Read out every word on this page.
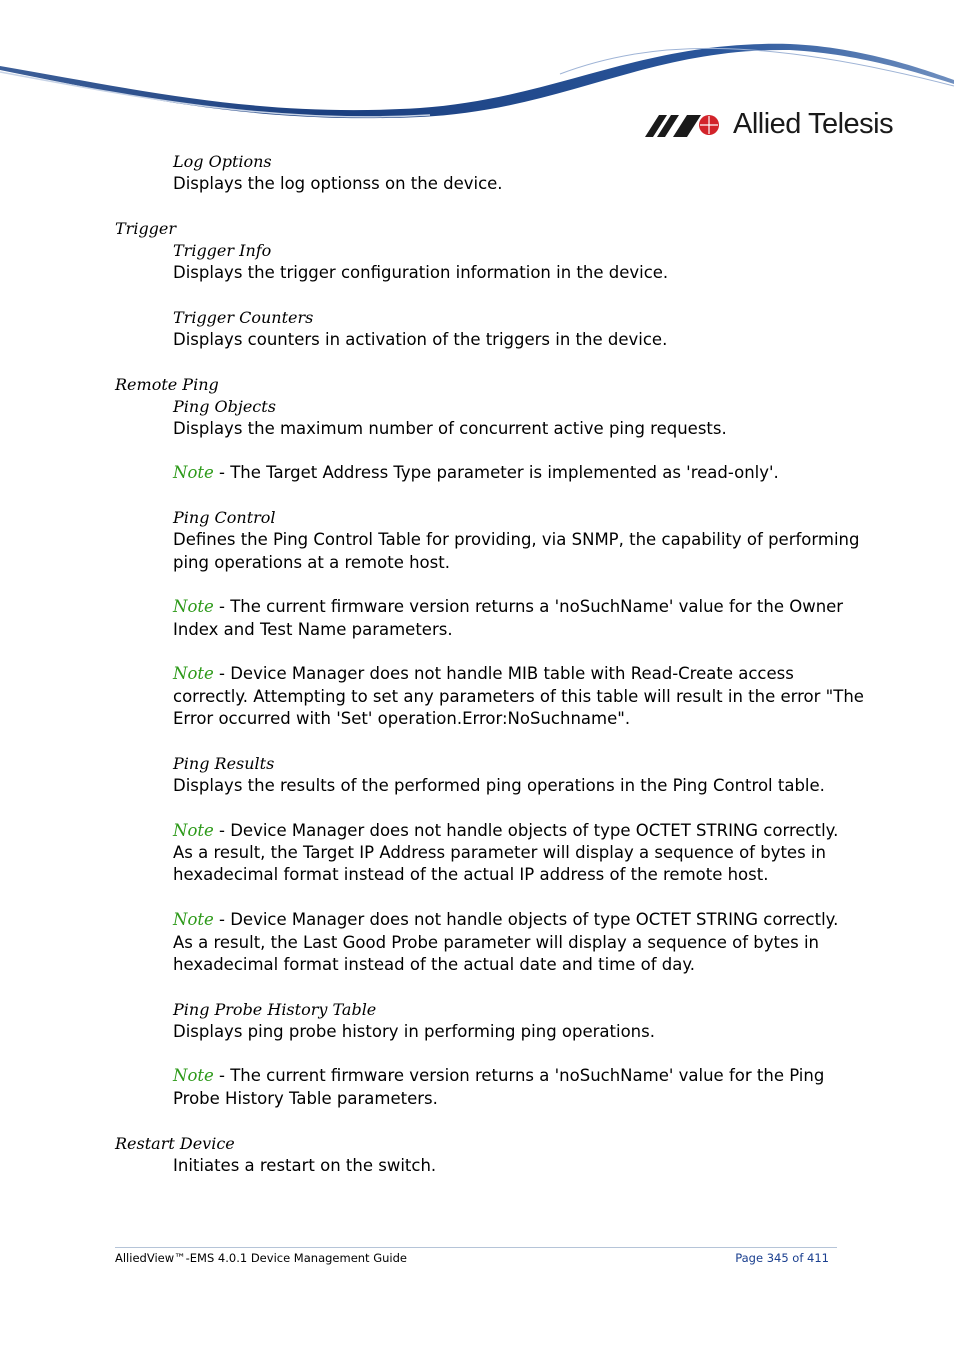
Allied Telesis
Log Options
Displays the log optionss on the device.
Trigger
Trigger Info
Displays the trigger configuration information in the device.
Trigger Counters
Displays counters in activation of the triggers in the device.
Remote Ping
Ping Objects
Displays the maximum number of concurrent active ping requests.
Note - The Target Address Type parameter is implemented as 'read-only'.
Ping Control
Defines the Ping Control Table for providing, via SNMP, the capability of performing
ping operations at a remote host.
Note - The current firmware version returns a 'noSuchName' value for the Owner
Index and Test Name parameters.
Note - Device Manager does not handle MIB table with Read-Create access
correctly. Attempting to set any parameters of this table will result in the error "The
Error occurred with 'Set' operation.Error:NoSuchname".
Ping Results
Displays the results of the performed ping operations in the Ping Control table.
Note - Device Manager does not handle objects of type OCTET STRING correctly.
As a result, the Target IP Address parameter will display a sequence of bytes in
hexadecimal format instead of the actual IP address of the remote host.
Note - Device Manager does not handle objects of type OCTET STRING correctly.
As a result, the Last Good Probe parameter will display a sequence of bytes in
hexadecimal format instead of the actual date and time of day.
Ping Probe History Table
Displays ping probe history in performing ping operations.
Note - The current firmware version returns a 'noSuchName' value for the Ping
Probe History Table parameters.
Restart Device
Initiates a restart on the switch.
AlliedView™-EMS 4.0.1 Device Management Guide	Page 345 of 411
